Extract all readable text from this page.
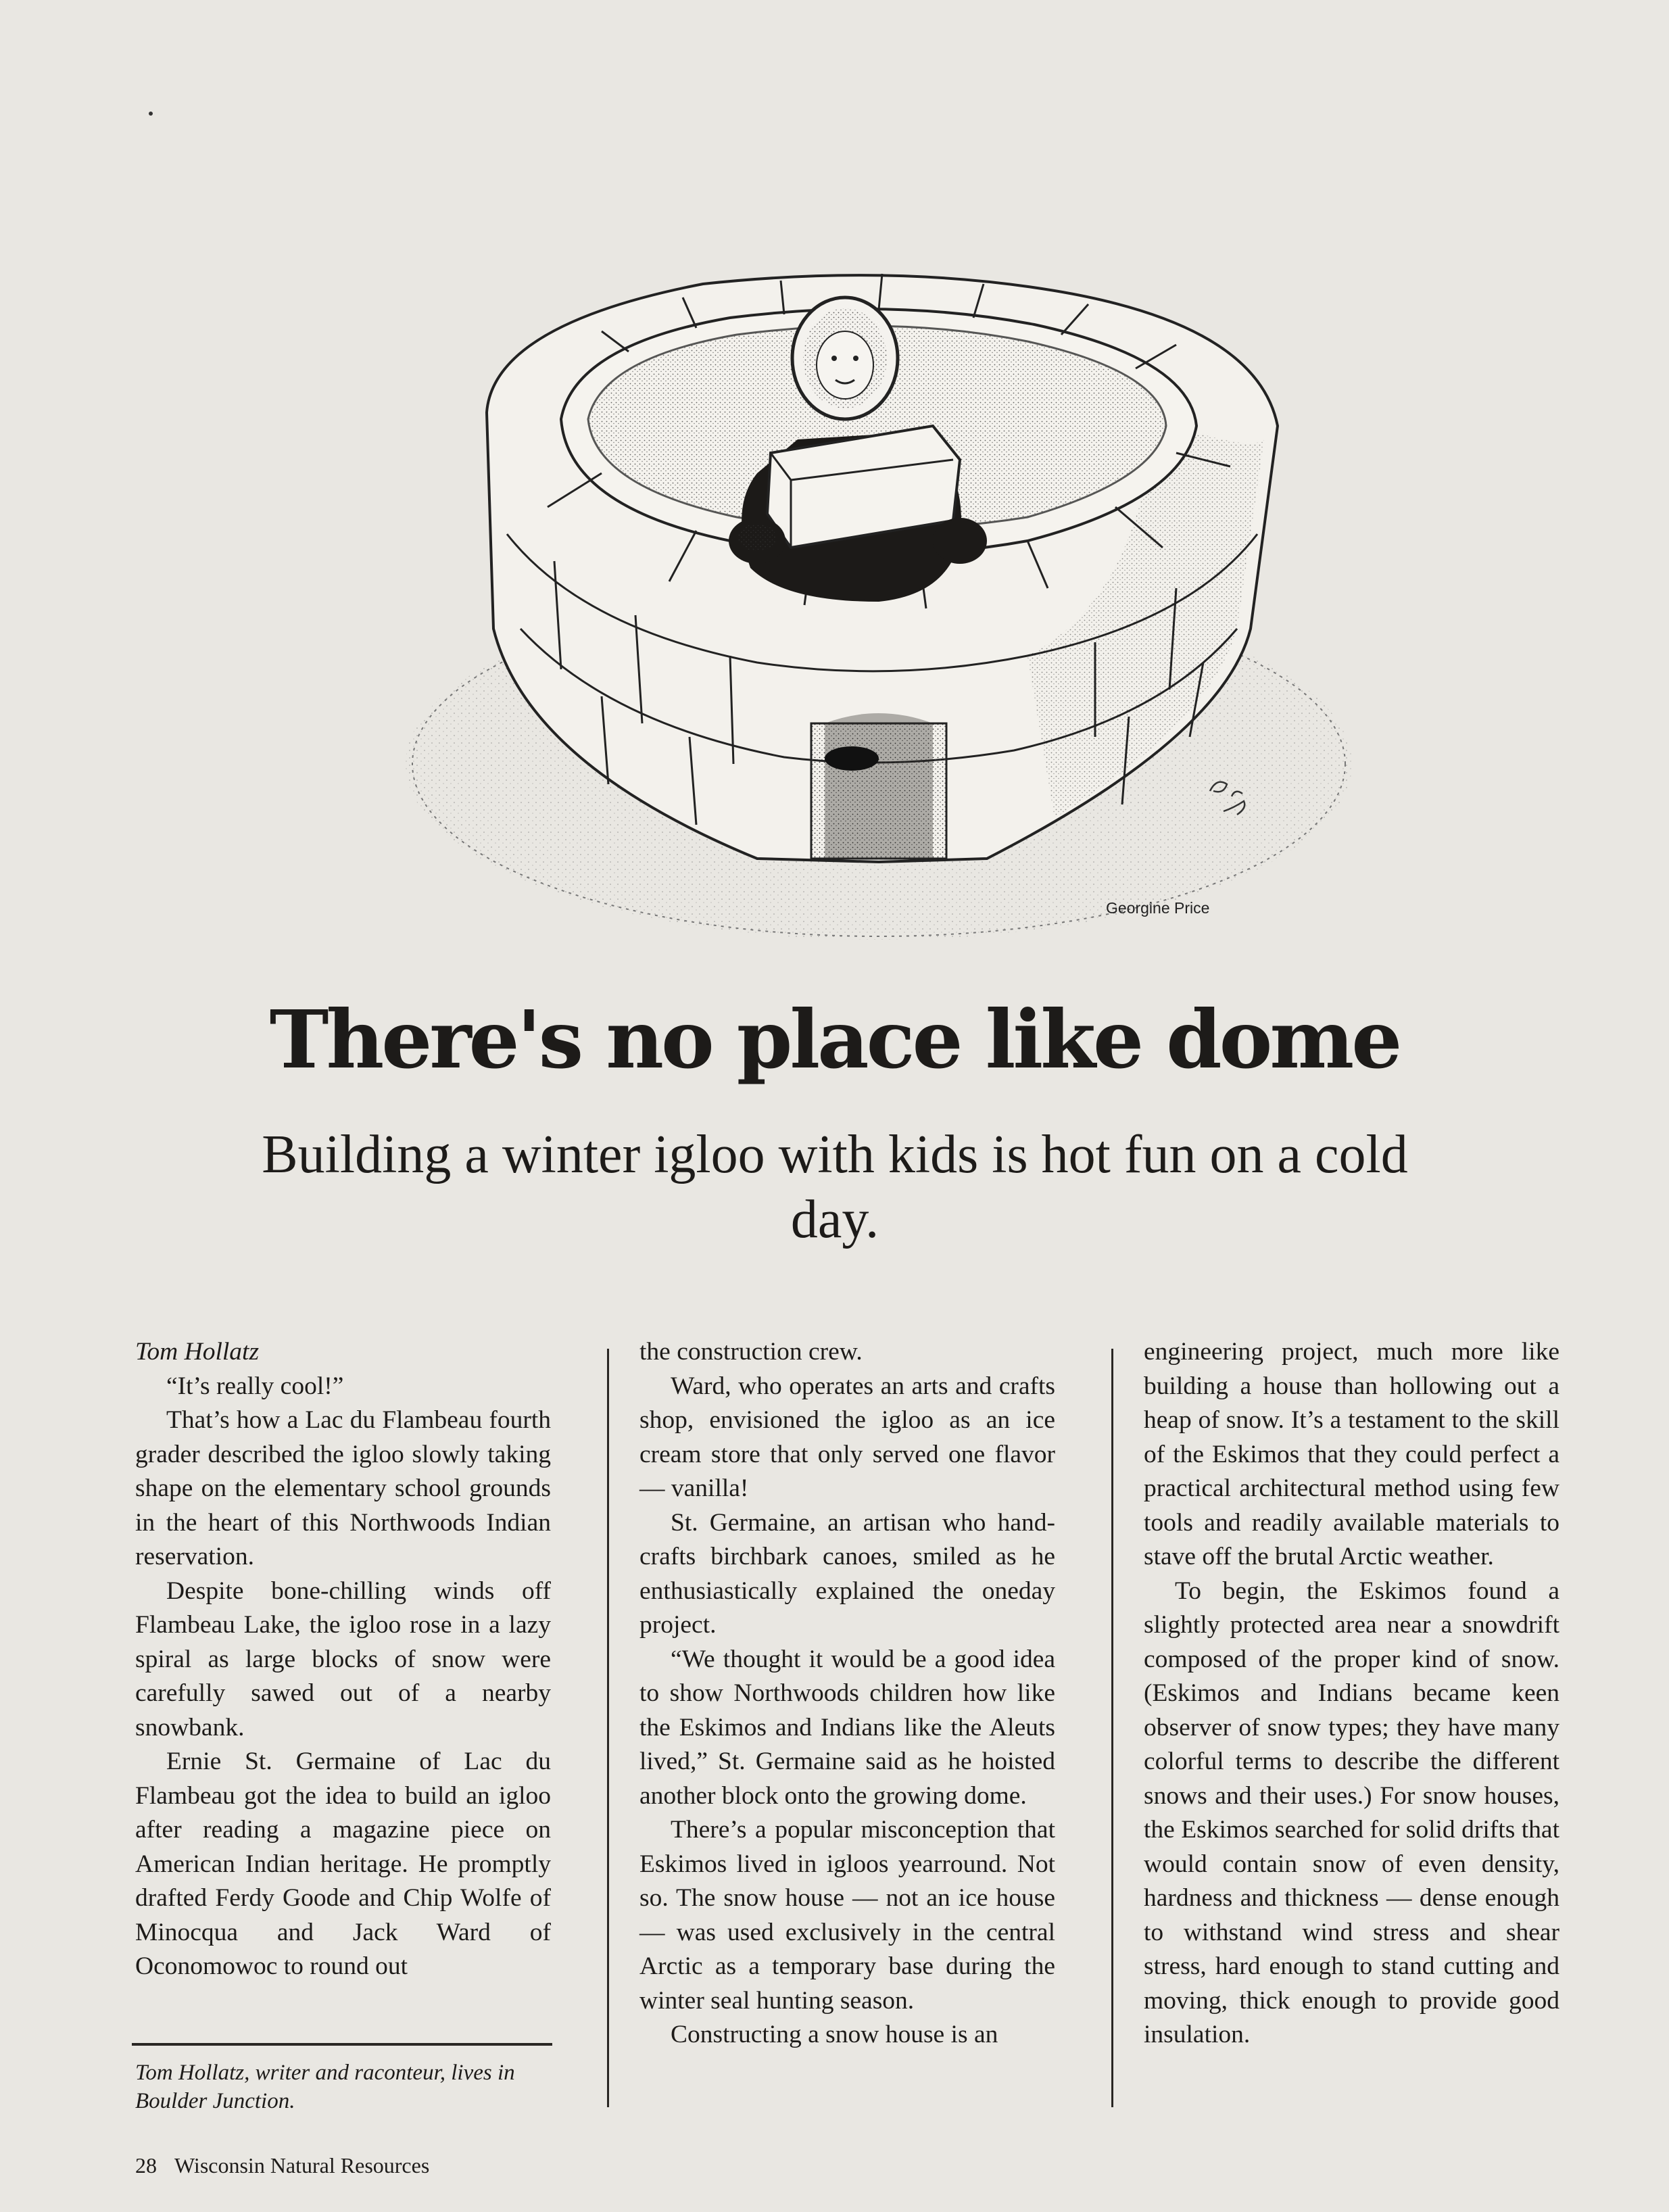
Georgine Price
There's no place like dome
Building a winter igloo with kids is hot fun on a cold day.

Tom Hollatz

“It’s really cool!”

That’s how a Lac du Flambeau fourth grader described the igloo slowly taking shape on the elementary school grounds in the heart of this Northwoods Indian reservation.

Despite bone-chilling winds off Flambeau Lake, the igloo rose in a lazy spiral as large blocks of snow were carefully sawed out of a nearby snowbank.

Ernie St. Germaine of Lac du Flambeau got the idea to build an igloo after reading a magazine piece on American Indian heritage. He promptly drafted Ferdy Goode and Chip Wolfe of Minocqua and Jack Ward of Oconomowoc to round out

the construction crew.

Ward, who operates an arts and crafts shop, envisioned the igloo as an ice cream store that only served one flavor — vanilla!

St. Germaine, an artisan who handcrafts birchbark canoes, smiled as he enthusiastically explained the oneday project.

“We thought it would be a good idea to show Northwoods children how like the Eskimos and Indians like the Aleuts lived,” St. Germaine said as he hoisted another block onto the growing dome.

There’s a popular misconception that Eskimos lived in igloos yearround. Not so. The snow house — not an ice house — was used exclusively in the central Arctic as a temporary base during the winter seal hunting season.

Constructing a snow house is an

engineering project, much more like building a house than hollowing out a heap of snow. It’s a testament to the skill of the Eskimos that they could perfect a practical architectural method using few tools and readily available materials to stave off the brutal Arctic weather.

To begin, the Eskimos found a slightly protected area near a snowdrift composed of the proper kind of snow. (Eskimos and Indians became keen observer of snow types; they have many colorful terms to describe the different snows and their uses.) For snow houses, the Eskimos searched for solid drifts that would contain snow of even density, hardness and thickness — dense enough to withstand wind stress and shear stress, hard enough to stand cutting and moving, thick enough to provide good insulation.

Tom Hollatz, writer and raconteur, lives in Boulder Junction.
28 Wisconsin Natural Resources
